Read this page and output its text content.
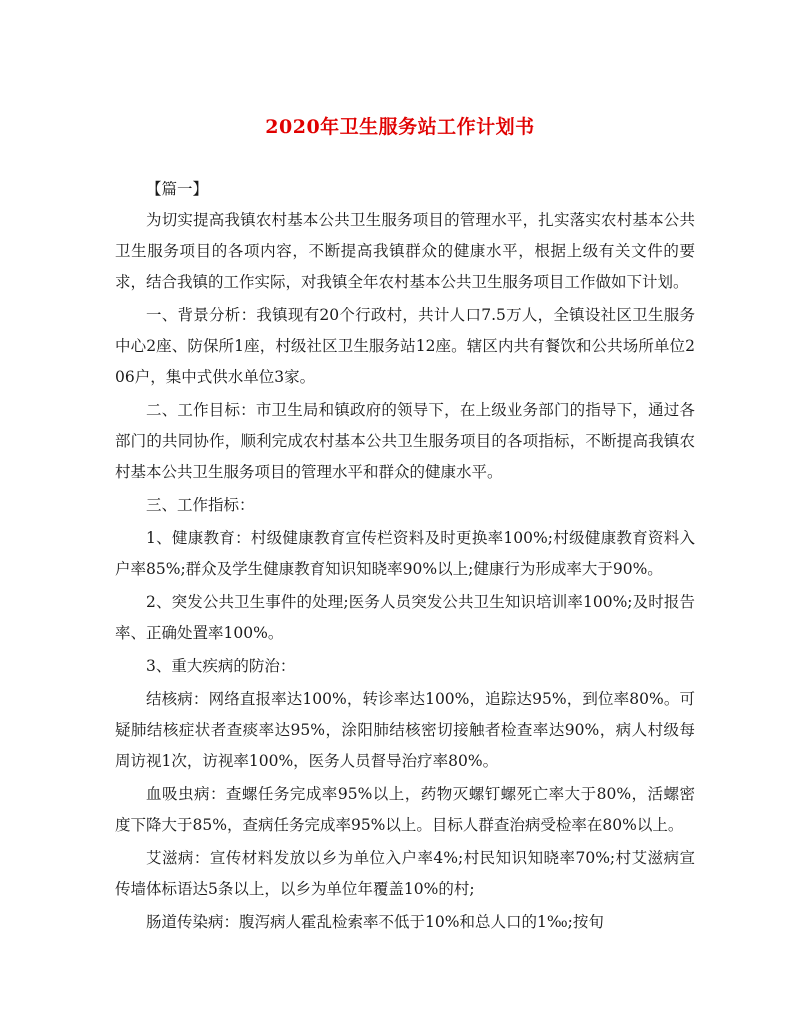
2020年卫生服务站工作计划书

【篇一】

为切实提高我镇农村基本公共卫生服务项目的管理水平，扎实落实农村基本公共卫生服务项目的各项内容，不断提高我镇群众的健康水平，根据上级有关文件的要求，结合我镇的工作实际，对我镇全年农村基本公共卫生服务项目工作做如下计划。

一、背景分析：我镇现有20个行政村，共计人口7.5万人，全镇设社区卫生服务中心2座、防保所1座，村级社区卫生服务站12座。辖区内共有餐饮和公共场所单位206户，集中式供水单位3家。

二、工作目标：市卫生局和镇政府的领导下，在上级业务部门的指导下，通过各部门的共同协作，顺利完成农村基本公共卫生服务项目的各项指标，不断提高我镇农村基本公共卫生服务项目的管理水平和群众的健康水平。

三、工作指标：

1、健康教育：村级健康教育宣传栏资料及时更换率100%;村级健康教育资料入户率85%;群众及学生健康教育知识知晓率90%以上;健康行为形成率大于90%。

2、突发公共卫生事件的处理;医务人员突发公共卫生知识培训率100%;及时报告率、正确处置率100%。

3、重大疾病的防治：

结核病：网络直报率达100%，转诊率达100%，追踪达95%，到位率80%。可疑肺结核症状者查痰率达95%，涂阳肺结核密切接触者检查率达90%，病人村级每周访视1次，访视率100%，医务人员督导治疗率80%。

血吸虫病：查螺任务完成率95%以上，药物灭螺钉螺死亡率大于80%，活螺密度下降大于85%，查病任务完成率95%以上。目标人群查治病受检率在80%以上。

艾滋病：宣传材料发放以乡为单位入户率4%;村民知识知晓率70%;村艾滋病宣传墙体标语达5条以上，以乡为单位年覆盖10%的村;

肠道传染病：腹泻病人霍乱检索率不低于10%和总人口的1‰;按旬
